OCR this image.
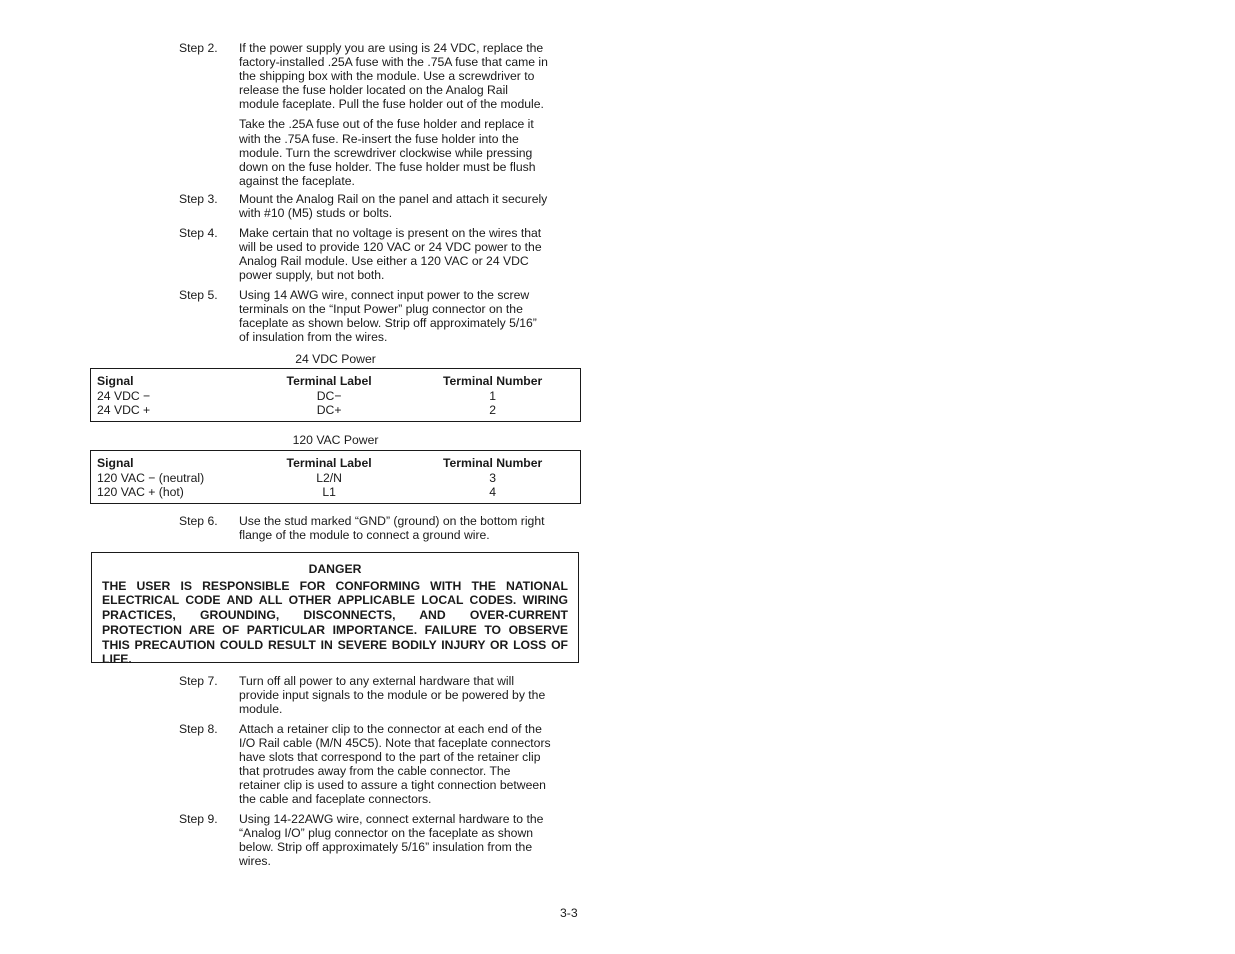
Step 2.	If the power supply you are using is 24 VDC, replace the
factory-installed .25A fuse with the .75A fuse that came in
the shipping box with the module. Use a screwdriver to
release the fuse holder located on the Analog Rail
module faceplate. Pull the fuse holder out of the module.

Take the .25A fuse out of the fuse holder and replace it
with the .75A fuse. Re-insert the fuse holder into the
module. Turn the screwdriver clockwise while pressing
down on the fuse holder. The fuse holder must be flush
against the faceplate.

Step 3.	Mount the Analog Rail on the panel and attach it securely
with #10 (M5) studs or bolts.

Step 4.	Make certain that no voltage is present on the wires that
will be used to provide 120 VAC or 24 VDC power to the
Analog Rail module. Use either a 120 VAC or 24 VDC
power supply, but not both.

Step 5.	Using 14 AWG wire, connect input power to the screw
terminals on the “Input Power” plug connector on the
faceplate as shown below. Strip off approximately 5/16”
of insulation from the wires.

24 VDC Power
Signal	Terminal Label	Terminal Number
24 VDC −	DC−	1
24 VDC +	DC+	2
120 VAC Power
Signal	Terminal Label	Terminal Number
120 VAC − (neutral)	L2/N	3
120 VAC + (hot)	L1	4
Step 6.	Use the stud marked “GND” (ground) on the bottom right
flange of the module to connect a ground wire.

DANGER
THE USER IS RESPONSIBLE FOR CONFORMING WITH THE NATIONAL ELECTRICAL CODE AND ALL OTHER APPLICABLE LOCAL CODES. WIRING PRACTICES, GROUNDING, DISCONNECTS, AND OVER-CURRENT PROTECTION ARE OF PARTICULAR IMPORTANCE. FAILURE TO OBSERVE THIS PRECAUTION COULD RESULT IN SEVERE BODILY INJURY OR LOSS OF LIFE.
Step 7.	Turn off all power to any external hardware that will
provide input signals to the module or be powered by the
module.

Step 8.	Attach a retainer clip to the connector at each end of the
I/O Rail cable (M/N 45C5). Note that faceplate connectors
have slots that correspond to the part of the retainer clip
that protrudes away from the cable connector. The
retainer clip is used to assure a tight connection between
the cable and faceplate connectors.

Step 9.	Using 14-22AWG wire, connect external hardware to the
“Analog I/O” plug connector on the faceplate as shown
below. Strip off approximately 5/16” insulation from the
wires.

3-3
